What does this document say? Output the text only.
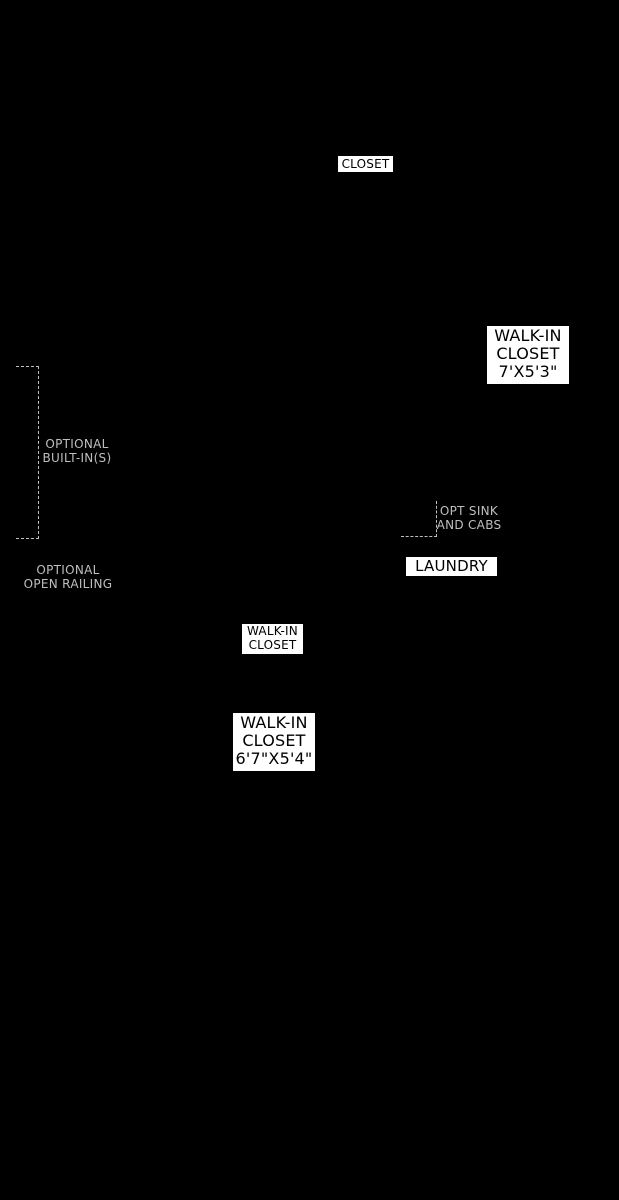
CLOSET
WALK-IN
CLOSET
7'X5'3"
LAUNDRY
WALK-IN
CLOSET
WALK-IN
CLOSET
6'7"X5'4"
OPTIONAL
BUILT-IN(S)
OPTIONAL
OPEN RAILING
OPT SINK
AND CABS
